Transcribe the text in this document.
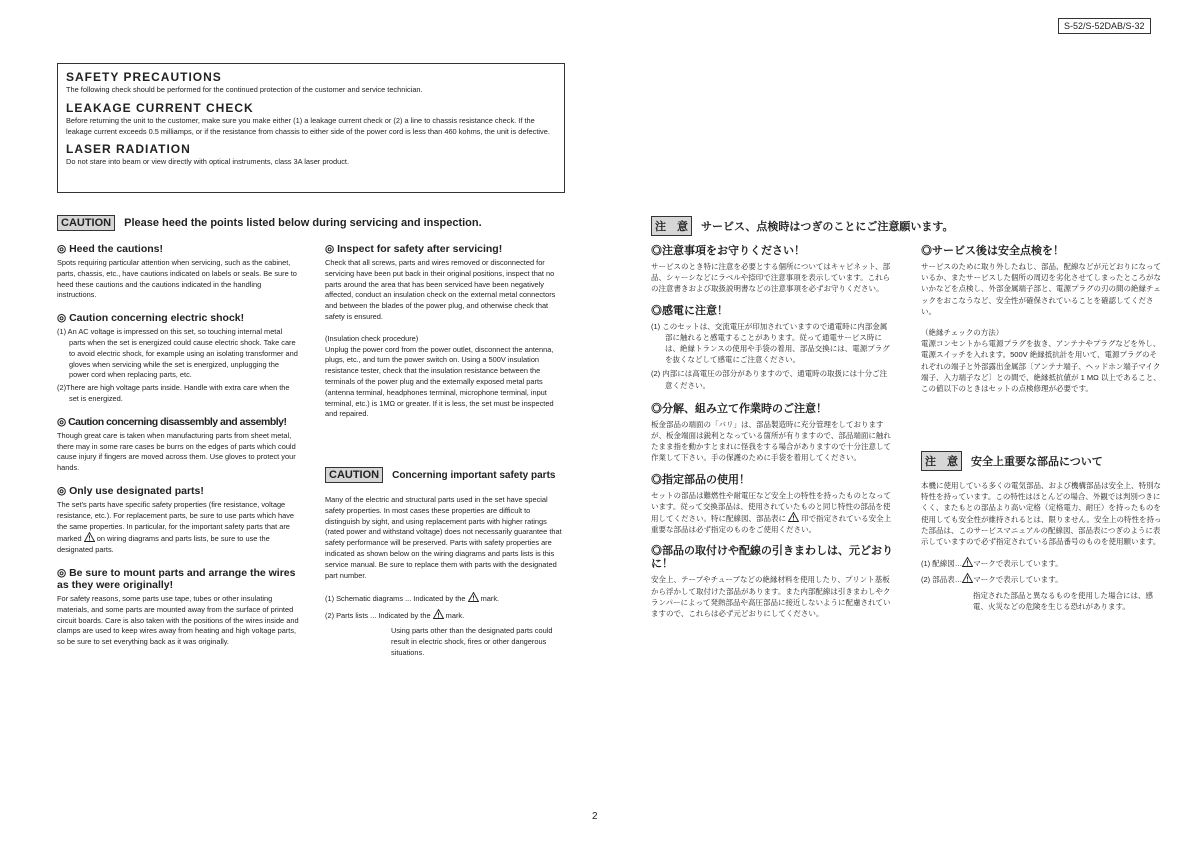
S-52/S-52DAB/S-32
SAFETY PRECAUTIONS

The following check should be performed for the continued protection of the customer and service technician.

LEAKAGE CURRENT CHECK

Before returning the unit to the customer, make sure you make either (1) a leakage current check or (2) a line to chassis resistance check. If the leakage current exceeds 0.5 milliamps, or if the resistance from chassis to either side of the power cord is less than 460 kohms, the unit is defective.

LASER RADIATION

Do not stare into beam or view directly with optical instruments, class 3A laser product.

CAUTION	Please heed the points listed below during servicing and inspection.
◎ Heed the cautions!

Spots requiring particular attention when servicing, such as the cabinet, parts, chassis, etc., have cautions indicated on labels or seals. Be sure to heed these cautions and the cautions indicated in the handling instructions.

◎ Caution concerning electric shock!

(1) An AC voltage is impressed on this set, so touching internal metal parts when the set is energized could cause electric shock. Take care to avoid electric shock, for example using an isolating transformer and gloves when servicing while the set is energized, unplugging the power cord when replacing parts, etc.

(2)There are high voltage parts inside. Handle with extra care when the set is energized.

◎ Caution concerning disassembly and assembly!

Though great care is taken when manufacturing parts from sheet metal, there may in some rare cases be burrs on the edges of parts which could cause injury if fingers are moved across them. Use gloves to protect your hands.

◎ Only use designated parts!

The set's parts have specific safety properties (fire resistance, voltage resistance, etc.). For replacement parts, be sure to use parts which have the same properties. In particular, for the important safety parts that are marked  on wiring diagrams and parts lists, be sure to use the designated parts.

◎ Be sure to mount parts and arrange the wires as they were originally!

For safety reasons, some parts use tape, tubes or other insulating materials, and some parts are mounted away from the surface of printed circuit boards. Care is also taken with the positions of the wires inside and clamps are used to keep wires away from heating and high voltage parts, so be sure to set everything back as it was originally.

◎ Inspect for safety after servicing!

Check that all screws, parts and wires removed or disconnected for servicing have been put back in their original positions, inspect that no parts around the area that has been serviced have been negatively affected, conduct an insulation check on the external metal connectors and between the blades of the power plug, and otherwise check that safety is ensured.

(Insulation check procedure)

Unplug the power cord from the power outlet, disconnect the antenna, plugs, etc., and turn the power switch on. Using a 500V insulation resistance tester, check that the insulation resistance between the terminals of the power plug and the externally exposed metal parts (antenna terminal, headphones terminal, microphone terminal, input terminal, etc.) is 1MΩ or greater. If it is less, the set must be inspected and repaired.

CAUTION	Concerning important safety parts

Many of the electric and structural parts used in the set have special safety properties. In most cases these properties are difficult to distinguish by sight, and using replacement parts with higher ratings (rated power and withstand voltage) does not necessarily guarantee that safety performance will be preserved. Parts with safety properties are indicated as shown below on the wiring diagrams and parts lists is this service manual. Be sure to replace them with parts with the designated part number.

(1) Schematic diagrams ... Indicated by the  mark.

(2) Parts lists ... Indicated by the  mark.

Using parts other than the designated parts could result in electric shock, fires or other dangerous situations.

注　意	サービス、点検時はつぎのことにご注意願います。
◎注意事項をお守りください！

サービスのとき特に注意を必要とする個所についてはキャビネット、部品、シャーシなどにラベルや捺印で注意事項を表示しています。これらの注意書きおよび取扱説明書などの注意事項を必ずお守りください。

◎感電に注意！

(1) このセットは、交流電圧が印加されていますので通電時に内部金属部に触れると感電することがあります。従って通電サービス時には、絶縁トランスの使用や手袋の着用、部品交換には、電源プラグを抜くなどして感電にご注意ください。

(2) 内部には高電圧の部分がありますので、通電時の取扱には十分ご注意ください。

◎分解、組み立て作業時のご注意！

板金部品の端面の「バリ」は、部品製造時に充分管理をしておりますが、板金端面は鋭利となっている箇所が有りますので、部品端面に触れたまま指を動かすとまれに怪我をする場合がありますので十分注意して作業して下さい。手の保護のために手袋を着用してください。

◎指定部品の使用！

セットの部品は難燃性や耐電圧など安全上の特性を持ったものとなっています。従って交換部品は、使用されていたものと同じ特性の部品を使用してください。特に配線図、部品表に  印で指定されている安全上重要な部品は必ず指定のものをご使用ください。

◎部品の取付けや配線の引きまわしは、元どおりに！

安全上、テープやチューブなどの絶縁材料を使用したり、プリント基板から浮かして取付けた部品があります。また内部配線は引きまわしやクランパーによって発熱部品や高圧部品に接近しないように配慮されていますので、これらは必ず元どおりにしてください。

◎サービス後は安全点検を！

サービスのために取り外したねじ、部品、配線などが元どおりになっているか、またサービスした個所の周辺を劣化させてしまったところがないかなどを点検し、外部金属端子部と、電源プラグの刃の間の絶縁チェックをおこなうなど、安全性が確保されていることを確認してください。

（絶縁チェックの方法）

電源コンセントから電源プラグを抜き、アンテナやプラグなどを外し、電源スイッチを入れます。500V 絶縁抵抗計を用いて、電源プラグのそれぞれの端子と外部露出金属部〔アンテナ端子、ヘッドホン端子マイク端子、入力端子など〕との間で、絶縁抵抗値が 1 MΩ 以上であること、この値以下のときはセットの点検修理が必要です。

注　意	安全上重要な部品について

本機に使用している多くの電気部品、および機構部品は安全上、特別な特性を持っています。この特性はほとんどの場合、外観では判別つきにくく、またもとの部品より高い定格（定格電力、耐圧）を持ったものを使用しても安全性が維持されるとは、限りません。安全上の特性を持った部品は、このサービスマニュアルの配線図、部品表につぎのように表示していますので必ず指定されている部品番号のものを使用願います。

(1) 配線図… マークで表示しています。

(2) 部品表… マークで表示しています。

指定された部品と異なるものを使用した場合には、感電、火災などの危険を生じる恐れがあります。

2
